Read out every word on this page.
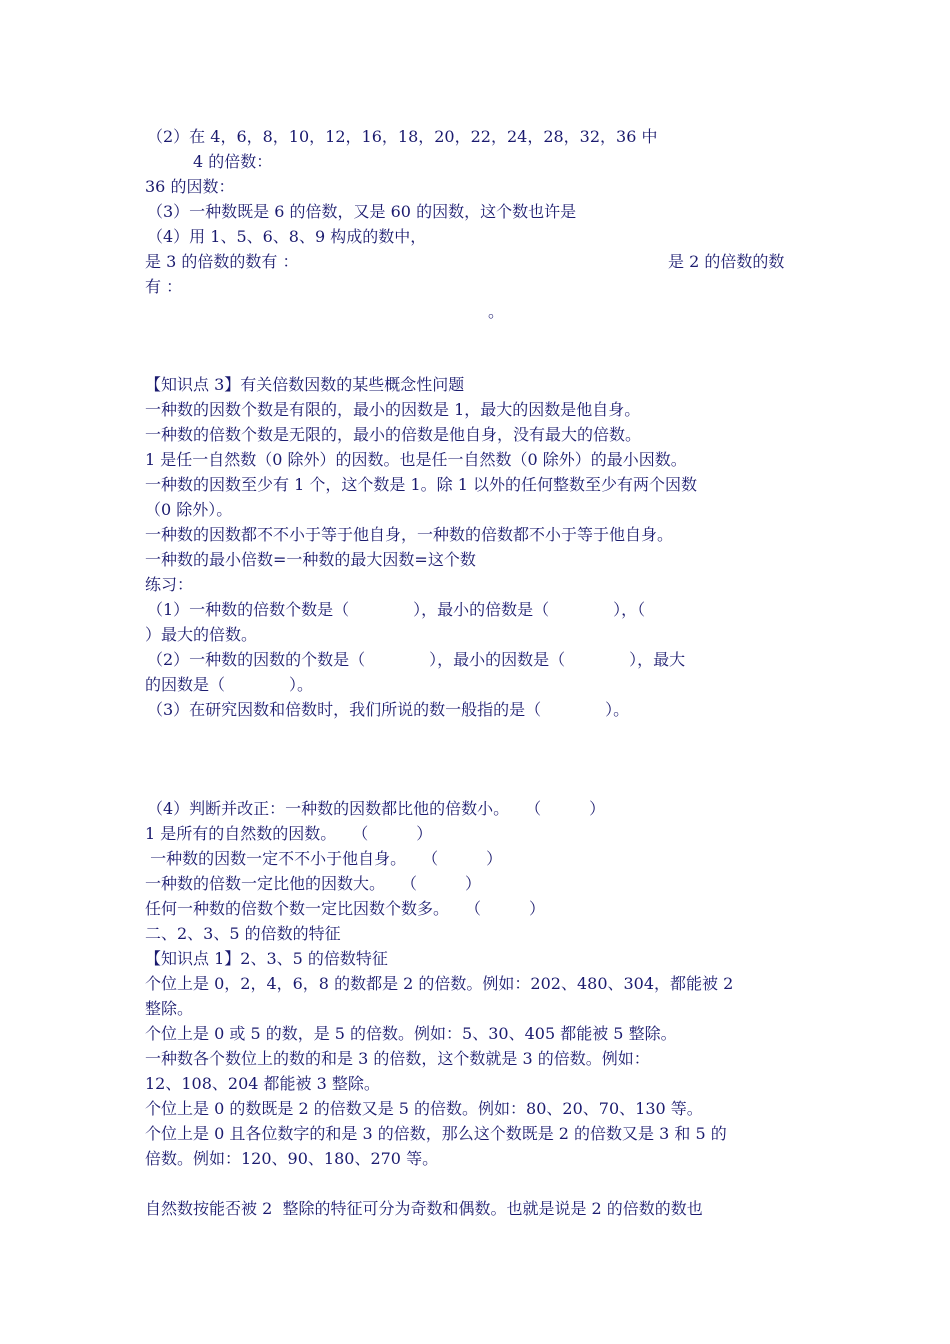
（2）在 4，6，8，10，12，16，18，20，22，24，28，32，36 中
4 的倍数：
36 的因数：
（3）一种数既是 6 的倍数，又是 60 的因数，这个数也许是
（4）用 1、5、6、8、9 构成的数中，
是 3 的倍数的数有 ：	是 2 的倍数的数
有 ：
。
【知识点 3】有关倍数因数的某些概念性问题
一种数的因数个数是有限的，最小的因数是 1，最大的因数是他自身。
一种数的倍数个数是无限的，最小的倍数是他自身，没有最大的倍数。
1 是任一自然数（0 除外）的因数。也是任一自然数（0 除外）的最小因数。
一种数的因数至少有 1 个，这个数是 1。除 1 以外的任何整数至少有两个因数
（0 除外）。
一种数的因数都不不小于等于他自身，一种数的倍数都不小于等于他自身。
一种数的最小倍数=一种数的最大因数=这个数
练习：
（1）一种数的倍数个数是（　　　　），最小的倍数是（　　　　），（
）最大的倍数。
（2）一种数的因数的个数是（　　　　），最小的因数是（　　　　），最大
的因数是（　　　　）。
（3）在研究因数和倍数时，我们所说的数一般指的是（　　　　）。
（4）判断并改正：一种数的因数都比他的倍数小。　　（　　　）
1 是所有的自然数的因数。　　（　　　）
一种数的因数一定不不小于他自身。　　（　　　）
一种数的倍数一定比他的因数大。　　（　　　）
任何一种数的倍数个数一定比因数个数多。　　（　　　）
二、2、3、5 的倍数的特征
【知识点 1】2、3、5 的倍数特征
个位上是 0，2，4，6，8 的数都是 2 的倍数。例如：202、480、304，都能被 2
整除。
个位上是 0 或 5 的数，是 5 的倍数。例如：5、30、405 都能被 5 整除。
一种数各个数位上的数的和是 3 的倍数，这个数就是 3 的倍数。例如：
12、108、204 都能被 3 整除。
个位上是 0 的数既是 2 的倍数又是 5 的倍数。例如：80、20、70、130 等。
个位上是 0 且各位数字的和是 3 的倍数，那么这个数既是 2 的倍数又是 3 和 5 的
倍数。例如：120、90、180、270 等。
自然数按能否被 2  整除的特征可分为奇数和偶数。也就是说是 2 的倍数的数也
